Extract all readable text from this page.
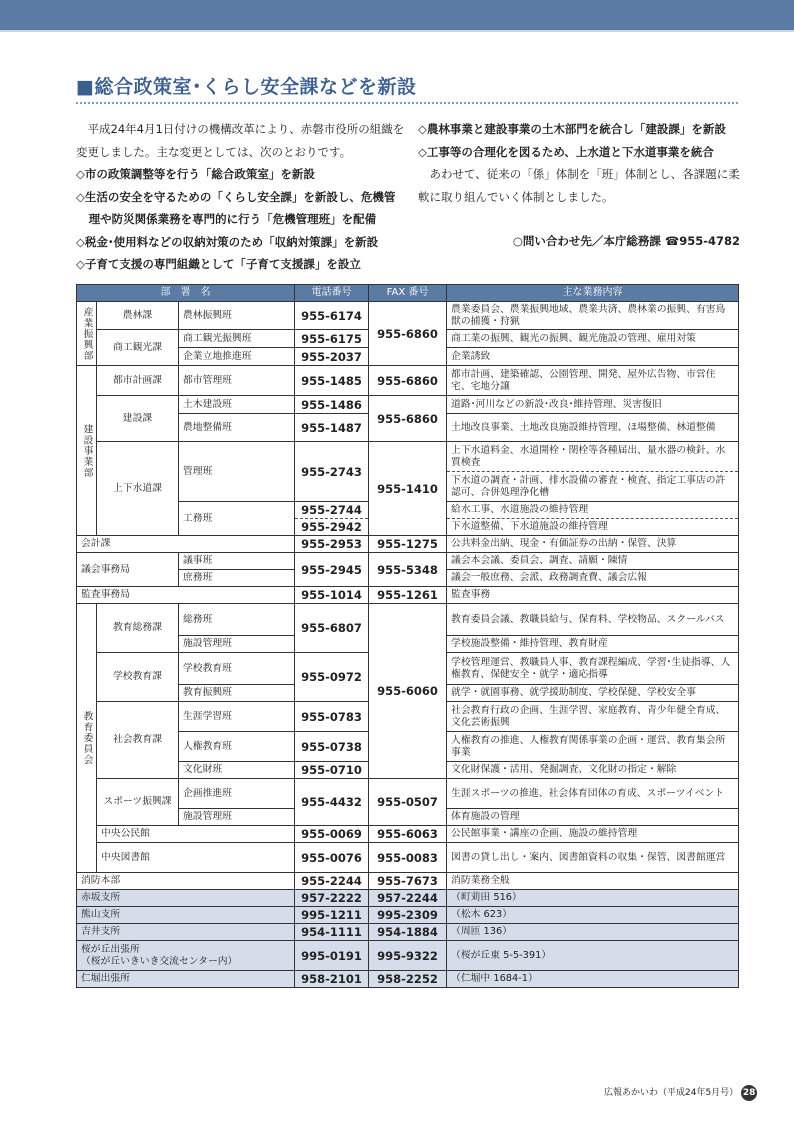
■総合政策室･くらし安全課などを新設

平成24年4月1日付けの機構改革により、赤磐市役所の組織を変更しました。主な変更としては、次のとおりです。

◇市の政策調整等を行う「総合政策室」を新設

◇生活の安全を守るための「くらし安全課」を新設し、危機管

理や防災関係業務を専門的に行う「危機管理班」を配備

◇税金･使用料などの収納対策のため「収納対策課」を新設

◇子育て支援の専門組織として「子育て支援課」を設立

◇農林事業と建設事業の土木部門を統合し「建設課」を新設

◇工事等の合理化を図るため、上水道と下水道事業を統合

あわせて、従来の「係」体制を「班」体制とし、各課題に柔軟に取り組んでいく体制としました。

○問い合わせ先／本庁総務課 ☎955-4782

部　署　名			電話番号	FAX 番号	主な業務内容
産業振興部	農林課	農林振興班	955-6174	955-6860	農業委員会、農業振興地域、農業共済、農林業の振興、有害鳥獣の捕獲・狩猟
	商工観光課	商工観光振興班	955-6175		商工業の振興、観光の振興、観光施設の管理、雇用対策
		企業立地推進班	955-2037		企業誘致
建設事業部	都市計画課	都市管理班	955-1485	955-6860	都市計画、建築確認、公園管理、開発、屋外広告物、市営住宅、宅地分譲
	建設課	土木建設班	955-1486	955-6860	道路･河川などの新設･改良･維持管理、災害復旧
		農地整備班	955-1487		土地改良事業、土地改良施設維持管理、ほ場整備、林道整備
	上下水道課	管理班	955-2743	955-1410	上下水道料金、水道開栓・閉栓等各種届出、量水器の検針、水質検査
					下水道の調査・計画、排水設備の審査・検査、指定工事店の許認可、合併処理浄化槽
		工務班	955-2744		給水工事、水道施設の維持管理
			955-2942		下水道整備、下水道施設の維持管理
会計課			955-2953	955-1275	公共料金出納、現金・有価証券の出納・保管、決算
議会事務局		議事班	955-2945	955-5348	議会本会議、委員会、調査、請願・陳情
		庶務班			議会一般庶務、会派、政務調査費、議会広報
監査事務局			955-1014	955-1261	監査事務
教育委員会	教育総務課	総務班	955-6807	955-6060	教育委員会議、教職員給与、保育料、学校物品、スクールバス
		施設管理班			学校施設整備・維持管理、教育財産
	学校教育課	学校教育班	955-0972		学校管理運営、教職員人事、教育課程編成、学習･生徒指導、人権教育、保健安全・就学・適応指導
		教育振興班			就学・就園事務、就学援助制度、学校保健、学校安全事
	社会教育課	生涯学習班	955-0783		社会教育行政の企画、生涯学習、家庭教育、青少年健全育成、文化芸術振興
		人権教育班	955-0738		人権教育の推進、人権教育関係事業の企画・運営、教育集会所事業
		文化財班	955-0710		文化財保護・活用、発掘調査、文化財の指定・解除
	スポーツ振興課	企画推進班	955-4432	955-0507	生涯スポーツの推進、社会体育団体の育成、スポーツイベント
		施設管理班			体育施設の管理
	中央公民館		955-0069	955-6063	公民館事業・講座の企画、施設の維持管理
	中央図書館		955-0076	955-0083	図書の貸し出し・案内、図書館資料の収集・保管、図書館運営
消防本部			955-2244	955-7673	消防業務全般
赤坂支所			957-2222	957-2244	（町苅田 516）
熊山支所			995-1211	995-2309	（松木 623）
吉井支所			954-1111	954-1884	（周匝 136）
桜が丘出張所
（桜が丘いきいき交流センター内）			995-0191	995-9322	（桜が丘東 5-5-391）
仁堀出張所			958-2101	958-2252	（仁堀中 1684-1）
広報あかいわ（平成24年5月号） 28
